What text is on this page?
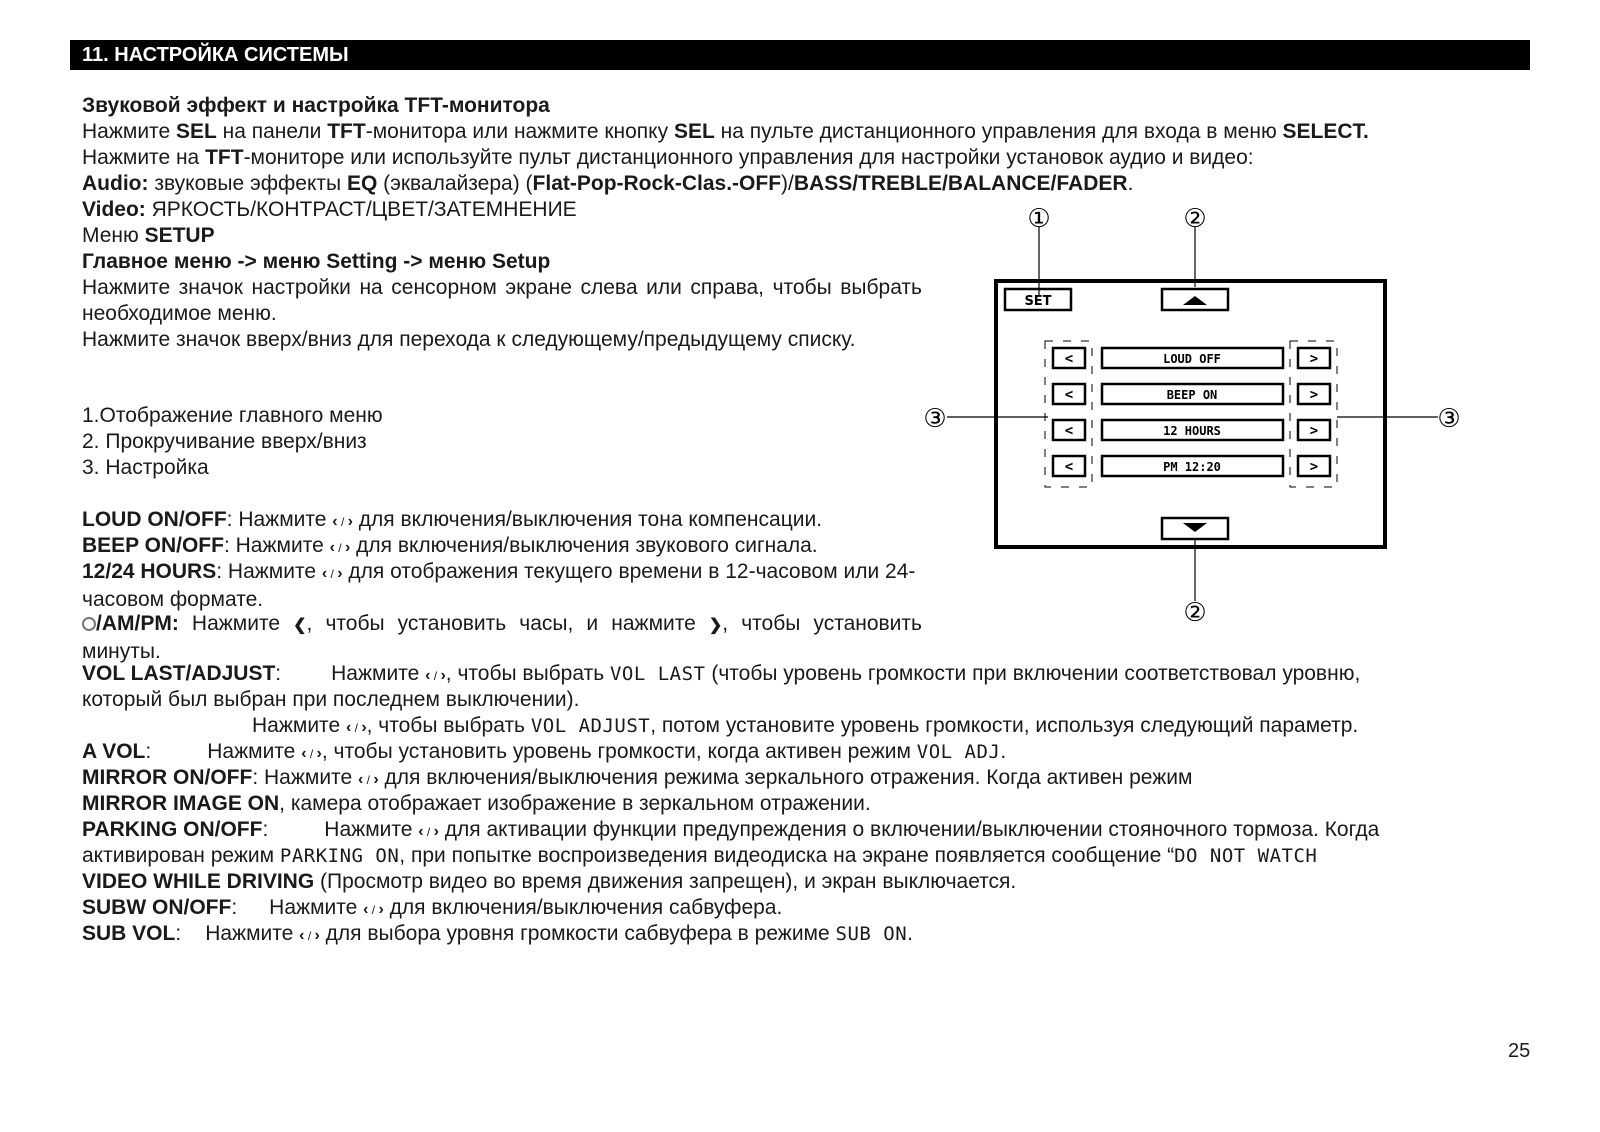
11. НАСТРОЙКА СИСТЕМЫ
Звуковой эффект и настройка TFT-монитора
Нажмите SEL на панели TFT-монитора или нажмите кнопку SEL на пульте дистанционного управления для входа в меню SELECT.
Нажмите на TFT-мониторе или используйте пульт дистанционного управления для настройки установок аудио и видео:
Audio: звуковые эффекты EQ (эквалайзера) (Flat-Pop-Rock-Clas.-OFF)/BASS/TREBLE/BALANCE/FADER.
Video: ЯРКОСТЬ/КОНТРАСТ/ЦВЕТ/ЗАТЕМНЕНИЕ
Меню SETUP
Главное меню -> меню Setting -> меню Setup
Нажмите значок настройки на сенсорном экране слева или справа, чтобы выбрать необходимое меню.
Нажмите значок вверх/вниз для перехода к следующему/предыдущему списку.
1.Отображение главного меню
2. Прокручивание вверх/вниз
3. Настройка
LOUD ON/OFF: Нажмите ‹ / › для включения/выключения тона компенсации.
BEEP ON/OFF: Нажмите ‹ / › для включения/выключения звукового сигнала.
12/24 HOURS: Нажмите ‹ / › для отображения текущего времени в 12-часовом или 24-часовом формате.
/AM/PM: Нажмите ❮, чтобы установить часы, и нажмите ❯, чтобы установить минуты.
VOL LAST/ADJUST: Нажмите ‹ / ›, чтобы выбрать VOL LAST (чтобы уровень громкости при включении соответствовал уровню,
который был выбран при последнем выключении).
Нажмите ‹ / ›, чтобы выбрать VOL ADJUST, потом установите уровень громкости, используя следующий параметр.
A VOL:	Нажмите ‹ / ›, чтобы установить уровень громкости, когда активен режим VOL ADJ.
MIRROR ON/OFF: Нажмите ‹ / › для включения/выключения режима зеркального отражения. Когда активен режим
MIRROR IMAGE ON, камера отображает изображение в зеркальном отражении.
PARKING ON/OFF:	Нажмите ‹ / › для активации функции предупреждения о включении/выключении стояночного тормоза. Когда
активирован режим PARKING ON, при попытке воспроизведения видеодиска на экране появляется сообщение “DO NOT WATCH
VIDEO WHILE DRIVING (Просмотр видео во время движения запрещен), и экран выключается.
SUBW ON/OFF: Нажмите ‹ / › для включения/выключения сабвуфера.
SUB VOL: Нажмите ‹ / › для выбора уровня громкости сабвуфера в режиме SUB ON.
SET
①	②
③	③
②
<	LOUD OFF	>
<	BEEP ON	>
<	12 HOURS	>
<	PM 12:20	>
25
